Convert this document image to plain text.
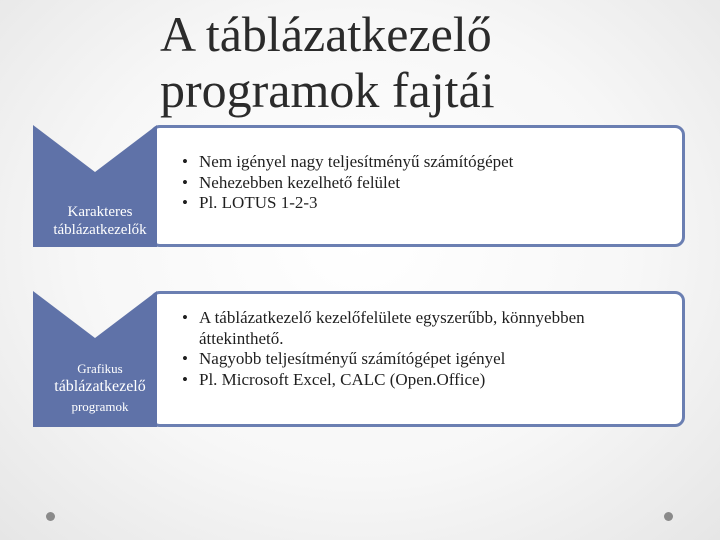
A táblázatkezelő
programok fajtái
Karakteres táblázatkezelők
Grafikus
táblázatkezelő
programok
• Nem igényel nagy teljesítményű számítógépet
• Nehezebben kezelhető felület
• Pl. LOTUS 1-2-3
• A táblázatkezelő kezelőfelülete egyszerűbb, könnyebben áttekinthető.
• Nagyobb teljesítményű számítógépet igényel
• Pl. Microsoft Excel, CALC (Open.Office)
